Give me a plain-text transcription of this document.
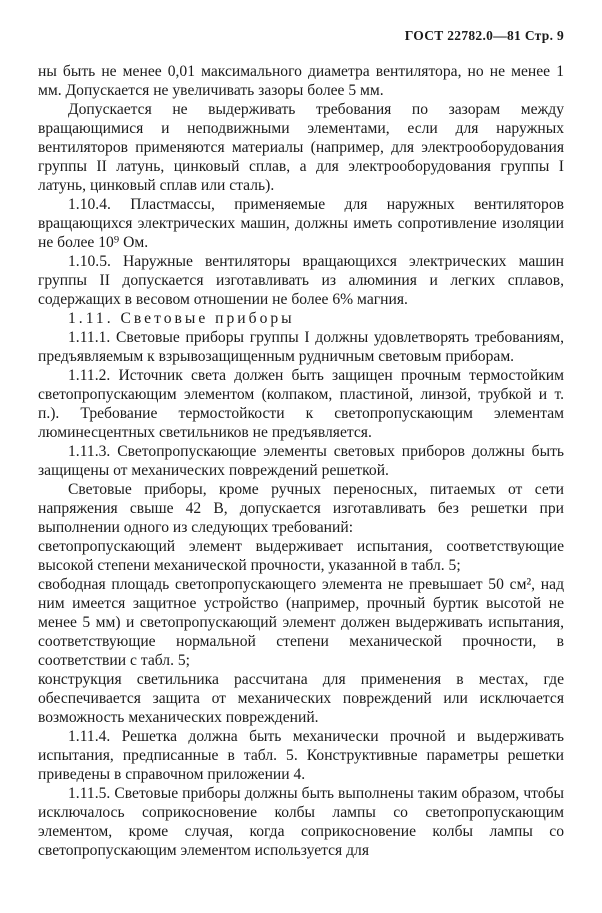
ГОСТ 22782.0—81 Стр. 9

ны быть не менее 0,01 максимального диаметра вентилятора, но не менее 1 мм. Допускается не увеличивать зазоры более 5 мм.

Допускается не выдерживать требования по зазорам между вращающимися и неподвижными элементами, если для наружных вентиляторов применяются материалы (например, для электрооборудования группы II латунь, цинковый сплав, а для электрооборудования группы I латунь, цинковый сплав или сталь).

1.10.4. Пластмассы, применяемые для наружных вентиляторов вращающихся электрических машин, должны иметь сопротивление изоляции не более 10⁹ Ом.

1.10.5. Наружные вентиляторы вращающихся электрических машин группы II допускается изготавливать из алюминия и легких сплавов, содержащих в весовом отношении не более 6% магния.

1.11. Световые приборы

1.11.1. Световые приборы группы I должны удовлетворять требованиям, предъявляемым к взрывозащищенным рудничным световым приборам.

1.11.2. Источник света должен быть защищен прочным термостойким светопропускающим элементом (колпаком, пластиной, линзой, трубкой и т. п.). Требование термостойкости к светопропускающим элементам люминесцентных светильников не предъявляется.

1.11.3. Светопропускающие элементы световых приборов должны быть защищены от механических повреждений решеткой.

Световые приборы, кроме ручных переносных, питаемых от сети напряжения свыше 42 В, допускается изготавливать без решетки при выполнении одного из следующих требований:

светопропускающий элемент выдерживает испытания, соответствующие высокой степени механической прочности, указанной в табл. 5;

свободная площадь светопропускающего элемента не превышает 50 см², над ним имеется защитное устройство (например, прочный буртик высотой не менее 5 мм) и светопропускающий элемент должен выдерживать испытания, соответствующие нормальной степени механической прочности, в соответствии с табл. 5;

конструкция светильника рассчитана для применения в местах, где обеспечивается защита от механических повреждений или исключается возможность механических повреждений.

1.11.4. Решетка должна быть механически прочной и выдерживать испытания, предписанные в табл. 5. Конструктивные параметры решетки приведены в справочном приложении 4.

1.11.5. Световые приборы должны быть выполнены таким образом, чтобы исключалось соприкосновение колбы лампы со светопропускающим элементом, кроме случая, когда соприкосновение колбы лампы со светопропускающим элементом используется для
